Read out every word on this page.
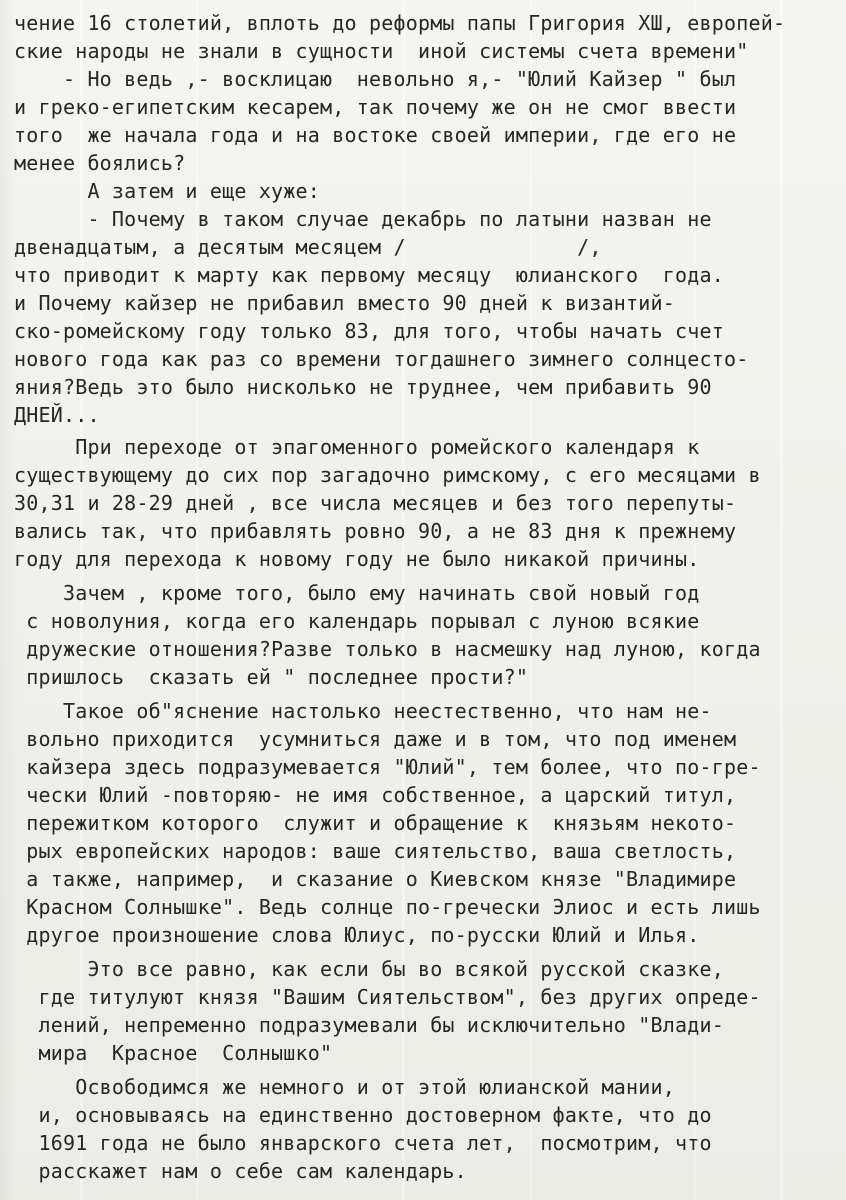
чение 16 столетий, вплоть до реформы папы Григория ХШ, европей-
ские народы не знали в сущности  иной системы счета времени"
- Но ведь ,- восклицаю  невольно я,- "Юлий Кайзер " был
и греко-египетским кесарем, так почему же он не смог ввести
того  же начала года и на востоке своей империи, где его не
менее боялись?
А затем и еще хуже:
- Почему в таком случае декабрь по латыни назван не
двенадцатым, а десятым месяцем /              /,
что приводит к марту как первому месяцу  юлианского  года.
и Почему кайзер не прибавил вместо 90 дней к византий-
ско-ромейскому году только 83, для того, чтобы начать счет
нового года как раз со времени тогдашнего зимнего солнцесто-
яния?Ведь это было нисколько не труднее, чем прибавить 90
ДНЕЙ...
При переходе от эпагоменного ромейского календаря к
существующему до сих пор загадочно римскому, с его месяцами в
30,31 и 28-29 дней , все числа месяцев и без того перепуты-
вались так, что прибавлять ровно 90, а не 83 дня к прежнему
году для перехода к новому году не было никакой причины.
Зачем , кроме того, было ему начинать свой новый год
с новолуния, когда его календарь порывал с луною всякие
дружеские отношения?Разве только в насмешку над луною, когда
пришлось  сказать ей " последнее прости?"
Такое об"яснение настолько неестественно, что нам не-
вольно приходится  усумниться даже и в том, что под именем
кайзера здесь подразумевается "Юлий", тем более, что по-гре-
чески Юлий -повторяю- не имя собственное, а царский титул,
пережитком которого  служит и обращение к  князьям некото-
рых европейских народов: ваше сиятельство, ваша светлость,
а также, например,  и сказание о Киевском князе "Владимире
Красном Солнышке". Ведь солнце по-гречески Элиос и есть лишь
другое произношение слова Юлиус, по-русски Юлий и Илья.
Это все равно, как если бы во всякой русской сказке,
где титулуют князя "Вашим Сиятельством", без других опреде-
лений, непременно подразумевали бы исключительно "Влади-
мира  Красное  Солнышко"
Освободимся же немного и от этой юлианской мании,
и, основываясь на единственно достоверном факте, что до
1691 года не было январского счета лет,  посмотрим, что
расскажет нам о себе сам календарь.
